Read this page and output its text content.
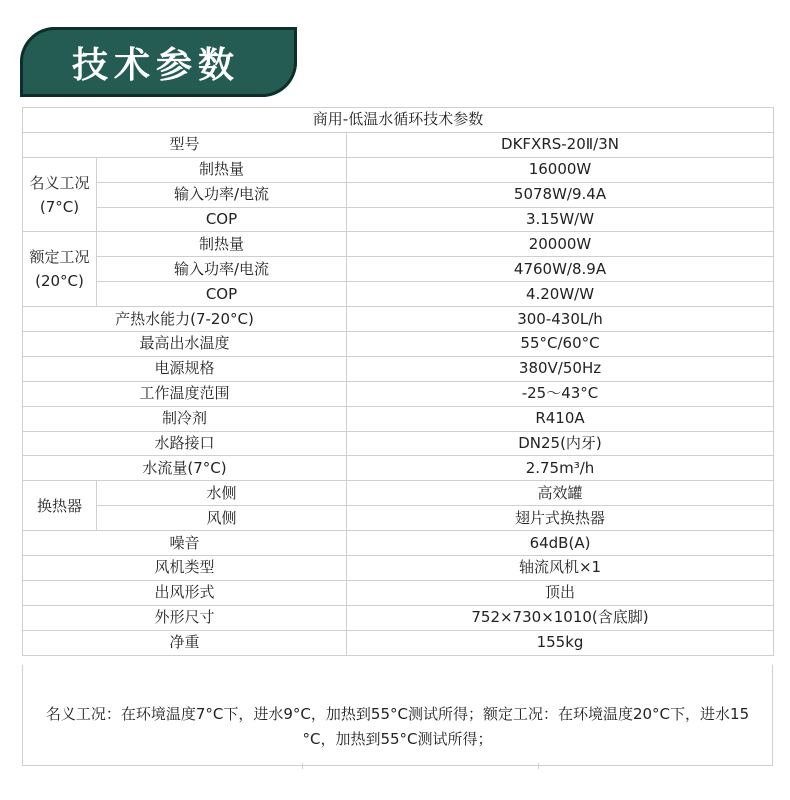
技术参数
商用-低温水循环技术参数		
型号		DKFXRS-20Ⅱ/3N
名义工况
(7°C)	制热量	16000W
	输入功率/电流	5078W/9.4A
	COP	3.15W/W
额定工况
(20°C)	制热量	20000W
	输入功率/电流	4760W/8.9A
	COP	4.20W/W
产热水能力(7-20°C)		300-430L/h
最高出水温度		55°C/60°C
电源规格		380V/50Hz
工作温度范围		-25～43°C
制冷剂		R410A
水路接口		DN25(内牙)
水流量(7°C)		2.75m³/h
换热器	水侧	高效罐
	风侧	翅片式换热器
噪音		64dB(A)
风机类型		轴流风机×1
出风形式		顶出
外形尺寸		752×730×1010(含底脚)
净重		155kg
名义工况：在环境温度7°C下，进水9°C，加热到55°C测试所得；额定工况：在环境温度20°C下，进水15
°C，加热到55°C测试所得；
